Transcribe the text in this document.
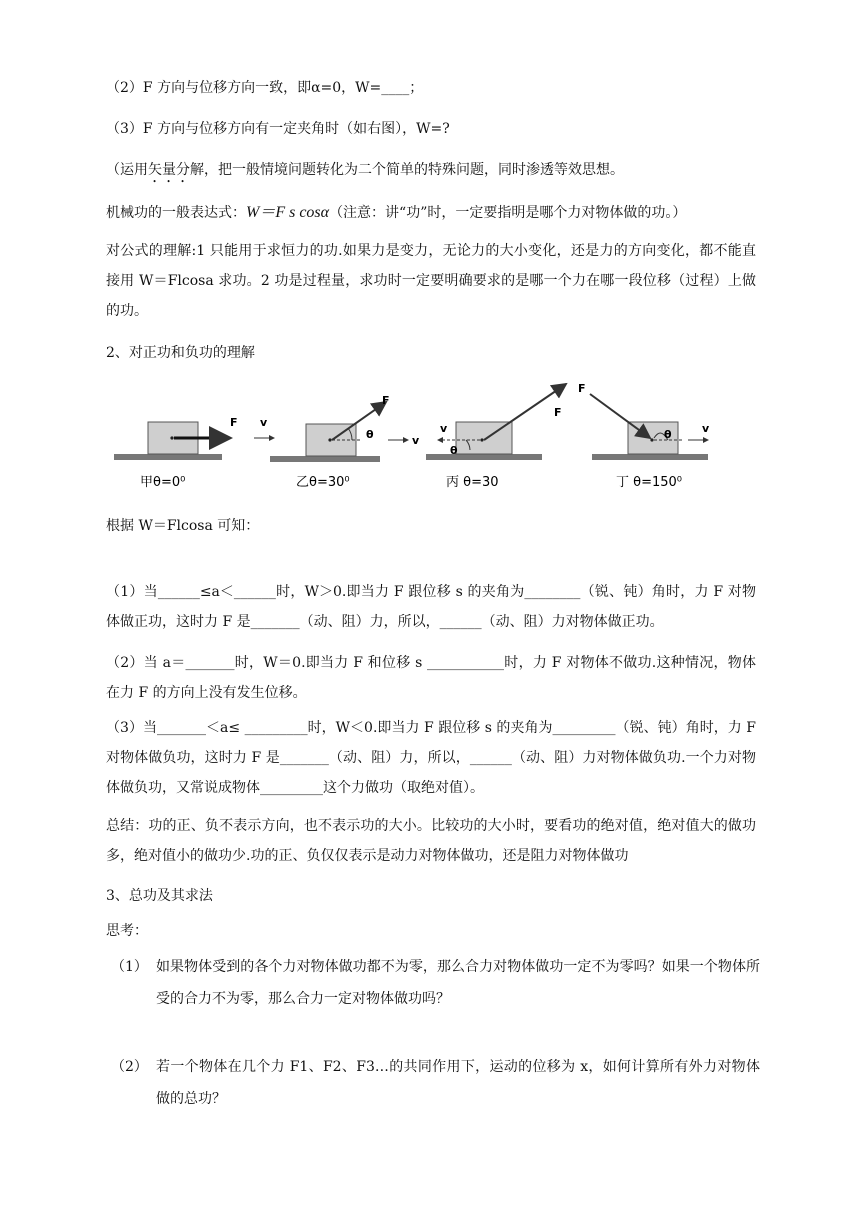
（2）F 方向与位移方向一致，即α=0，W=____；
（3）F 方向与位移方向有一定夹角时（如右图），W=?
（运用矢量分解，把一般情境问题转化为二个简单的特殊问题，同时渗透等效思想。
机械功的一般表达式：W＝F s cosα（注意：讲“功”时，一定要指明是哪个力对物体做的功。）
对公式的理解:1 只能用于求恒力的功.如果力是变力，无论力的大小变化，还是力的方向变化，都不能直接用 W＝Flcosa 求功。2 功是过程量，求功时一定要明确要求的是哪一个力在哪一段位移（过程）上做的功。
2、对正功和负功的理解
F v
甲θ=0⁰
F
θ	v
乙θ=30⁰
F
v
θ
丙 θ=30
F
θ	v
丁 θ=150⁰
根据 W＝Flcosa 可知：
（1）当______≤a＜______时，W＞0.即当力 F 跟位移 s 的夹角为________（锐、钝）角时，力 F 对物体做正功，这时力 F 是_______（动、阻）力，所以，______（动、阻）力对物体做正功。
（2）当 a＝_______时，W＝0.即当力 F 和位移 s ___________时，力 F 对物体不做功.这种情况，物体在力 F 的方向上没有发生位移。
（3）当_______＜a≤ _________时，W＜0.即当力 F 跟位移 s 的夹角为_________（锐、钝）角时，力 F 对物体做负功，这时力 F 是_______（动、阻）力，所以，______（动、阻）力对物体做负功.一个力对物体做负功，又常说成物体_________这个力做功（取绝对值）。
总结：功的正、负不表示方向，也不表示功的大小。比较功的大小时，要看功的绝对值，绝对值大的做功多，绝对值小的做功少.功的正、负仅仅表示是动力对物体做功，还是阻力对物体做功
3、总功及其求法
思考：
（1） 如果物体受到的各个力对物体做功都不为零，那么合力对物体做功一定不为零吗？如果一个物体所受的合力不为零，那么合力一定对物体做功吗？
（2） 若一个物体在几个力 F1、F2、F3…的共同作用下，运动的位移为 x，如何计算所有外力对物体做的总功？
